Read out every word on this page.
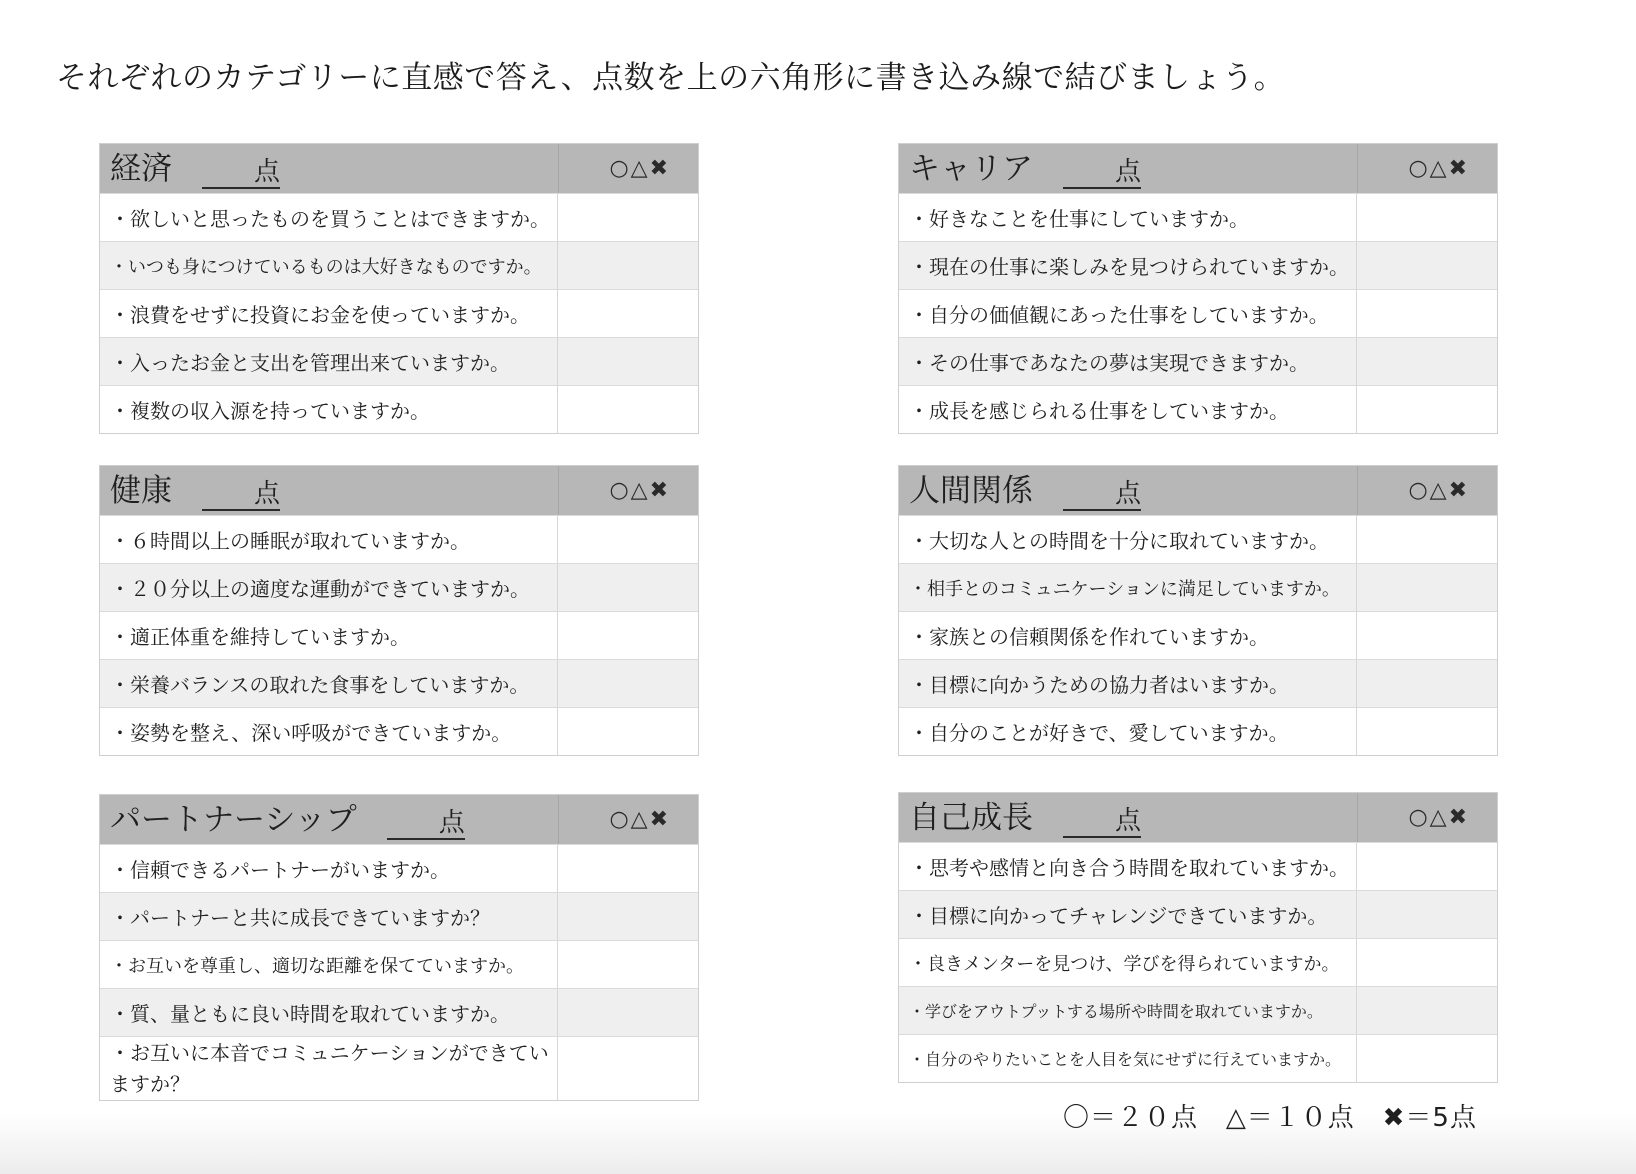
それぞれのカテゴリーに直感で答え、点数を上の六角形に書き込み線で結びましょう。
経済	点	○△✖
・欲しいと思ったものを買うことはできますか。
・いつも身につけているものは大好きなものですか。
・浪費をせずに投資にお金を使っていますか。
・入ったお金と支出を管理出来ていますか。
・複数の収入源を持っていますか。
キャリア	点	○△✖
・好きなことを仕事にしていますか。
・現在の仕事に楽しみを見つけられていますか。
・自分の価値観にあった仕事をしていますか。
・その仕事であなたの夢は実現できますか。
・成長を感じられる仕事をしていますか。
健康	点	○△✖
・６時間以上の睡眠が取れていますか。
・２０分以上の適度な運動ができていますか。
・適正体重を維持していますか。
・栄養バランスの取れた食事をしていますか。
・姿勢を整え、深い呼吸ができていますか。
人間関係	点	○△✖
・大切な人との時間を十分に取れていますか。
・相手とのコミュニケーションに満足していますか。
・家族との信頼関係を作れていますか。
・目標に向かうための協力者はいますか。
・自分のことが好きで、愛していますか。
パートナーシップ	点	○△✖
・信頼できるパートナーがいますか。
・パートナーと共に成長できていますか？
・お互いを尊重し、適切な距離を保てていますか。
・質、量ともに良い時間を取れていますか。
・お互いに本音でコミュニケーションができていますか？
自己成長	点	○△✖
・思考や感情と向き合う時間を取れていますか。
・目標に向かってチャレンジできていますか。
・良きメンターを見つけ、学びを得られていますか。
・学びをアウトプットする場所や時間を取れていますか。
・自分のやりたいことを人目を気にせずに行えていますか。
〇＝２０点 △＝１０点 ✖＝5点
